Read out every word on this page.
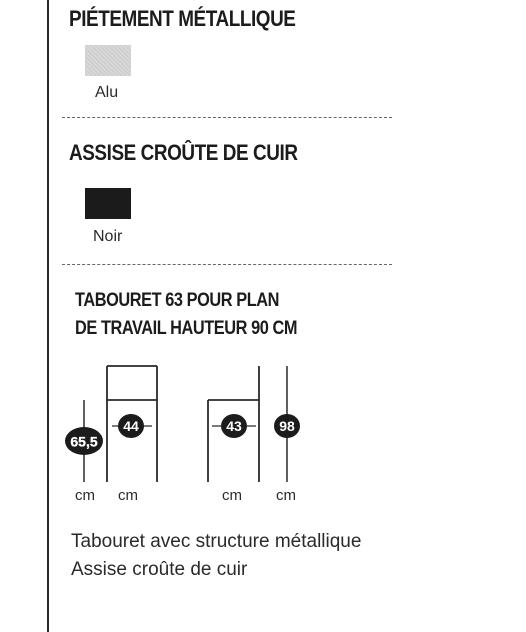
PIÉTEMENT MÉTALLIQUE
Alu
ASSISE CROÛTE DE CUIR
Noir
TABOURET 63 POUR PLAN
DE TRAVAIL HAUTEUR 90 CM
65,5
44	43	98
cm cm	cm cm
Tabouret avec structure métallique
Assise croûte de cuir
